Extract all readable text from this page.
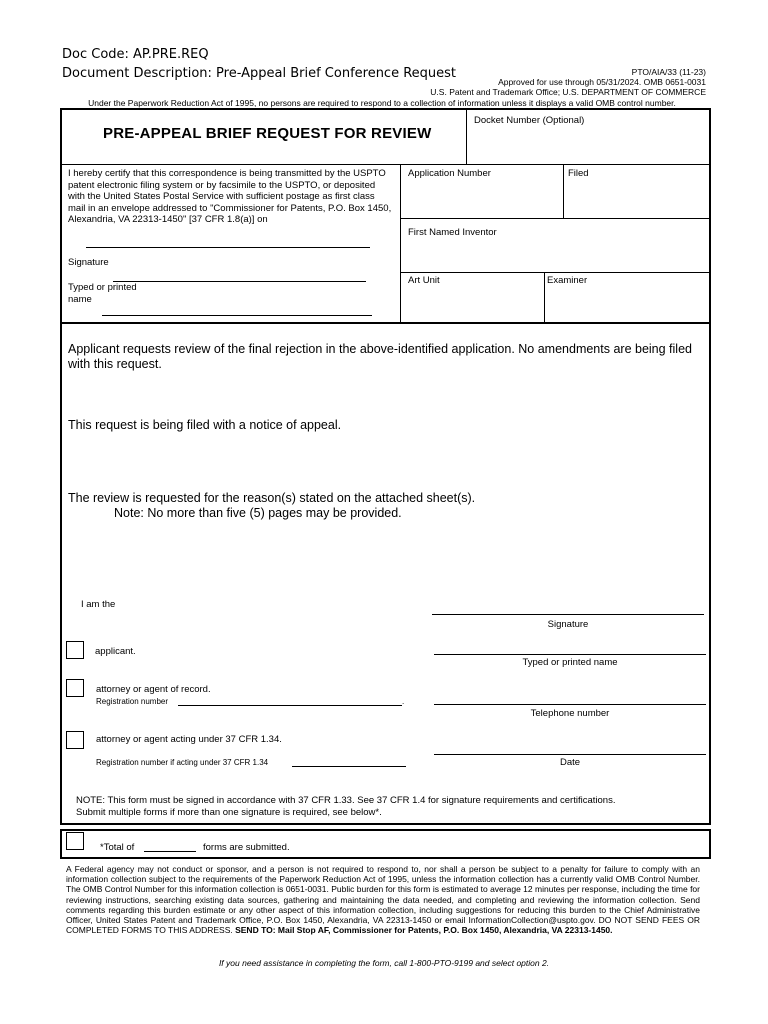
Doc Code: AP.PRE.REQ
Document Description: Pre-Appeal Brief Conference Request	PTO/AIA/33 (11-23)
Approved for use through 05/31/2024. OMB 0651-0031
U.S. Patent and Trademark Office; U.S. DEPARTMENT OF COMMERCE
Under the Paperwork Reduction Act of 1995, no persons are required to respond to a collection of information unless it displays a valid OMB control number.
PRE-APPEAL BRIEF REQUEST FOR REVIEW
Docket Number (Optional)
I hereby certify that this correspondence is being transmitted by the USPTO patent electronic filing system or by facsimile to the USPTO, or deposited with the United States Postal Service with sufficient postage as first class mail in an envelope addressed to "Commissioner for Patents, P.O. Box 1450, Alexandria, VA 22313-1450" [37 CFR 1.8(a)] on
Signature
Typed or printed
name
Application Number	Filed
First Named Inventor
Art Unit	Examiner
Applicant requests review of the final rejection in the above-identified application. No amendments are being filed with this request.
This request is being filed with a notice of appeal.
The review is requested for the reason(s) stated on the attached sheet(s).
Note: No more than five (5) pages may be provided.
I am the
applicant.
attorney or agent of record.
Registration number	.
attorney or agent acting under 37 CFR 1.34.
Registration number if acting under 37 CFR 1.34
Signature
Typed or printed name
Telephone number
Date
NOTE: This form must be signed in accordance with 37 CFR 1.33. See 37 CFR 1.4 for signature requirements and certifications.
Submit multiple forms if more than one signature is required, see below*.
*Total of	forms are submitted.
A Federal agency may not conduct or sponsor, and a person is not required to respond to, nor shall a person be subject to a penalty for failure to comply with an information collection subject to the requirements of the Paperwork Reduction Act of 1995, unless the information collection has a currently valid OMB Control Number. The OMB Control Number for this information collection is 0651-0031. Public burden for this form is estimated to average 12 minutes per response, including the time for reviewing instructions, searching existing data sources, gathering and maintaining the data needed, and completing and reviewing the information collection. Send comments regarding this burden estimate or any other aspect of this information collection, including suggestions for reducing this burden to the Chief Administrative Officer, United States Patent and Trademark Office, P.O. Box 1450, Alexandria, VA 22313-1450 or email InformationCollection@uspto.gov. DO NOT SEND FEES OR COMPLETED FORMS TO THIS ADDRESS. SEND TO: Mail Stop AF, Commissioner for Patents, P.O. Box 1450, Alexandria, VA 22313-1450.
If you need assistance in completing the form, call 1-800-PTO-9199 and select option 2.
